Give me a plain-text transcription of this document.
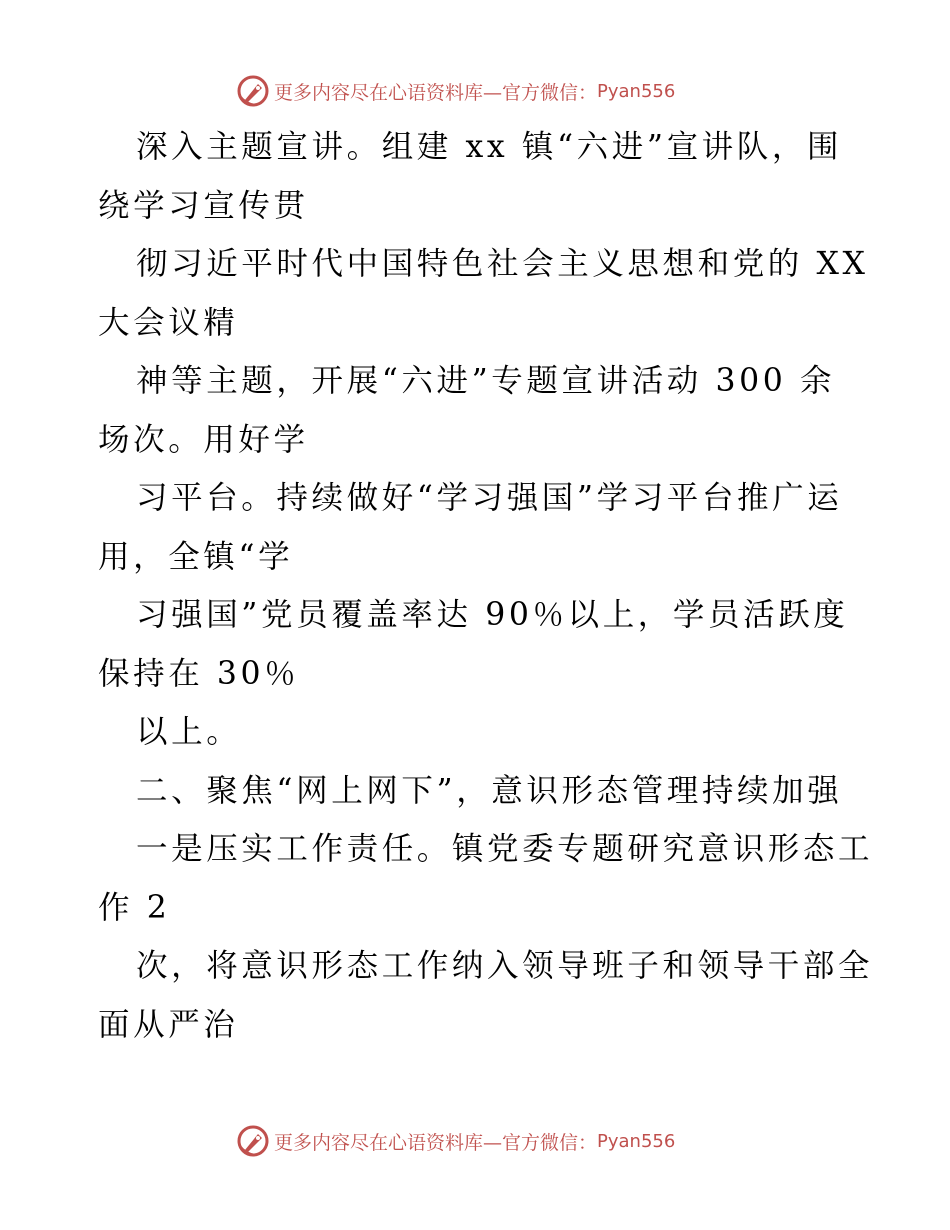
更多内容尽在心语资料库—官方微信： Pyan556
深入主题宣讲。组建 xx 镇“六进”宣讲队，围
绕学习宣传贯
彻习近平时代中国特色社会主义思想和党的 XX
大会议精
神等主题，开展“六进”专题宣讲活动 300 余
场次。用好学
习平台。持续做好“学习强国”学习平台推广运
用，全镇“学
习强国”党员覆盖率达 90％以上，学员活跃度
保持在 30％
以上。
二、聚焦“网上网下”，意识形态管理持续加强
一是压实工作责任。镇党委专题研究意识形态工
作 2
次，将意识形态工作纳入领导班子和领导干部全
面从严治
更多内容尽在心语资料库—官方微信： Pyan556
